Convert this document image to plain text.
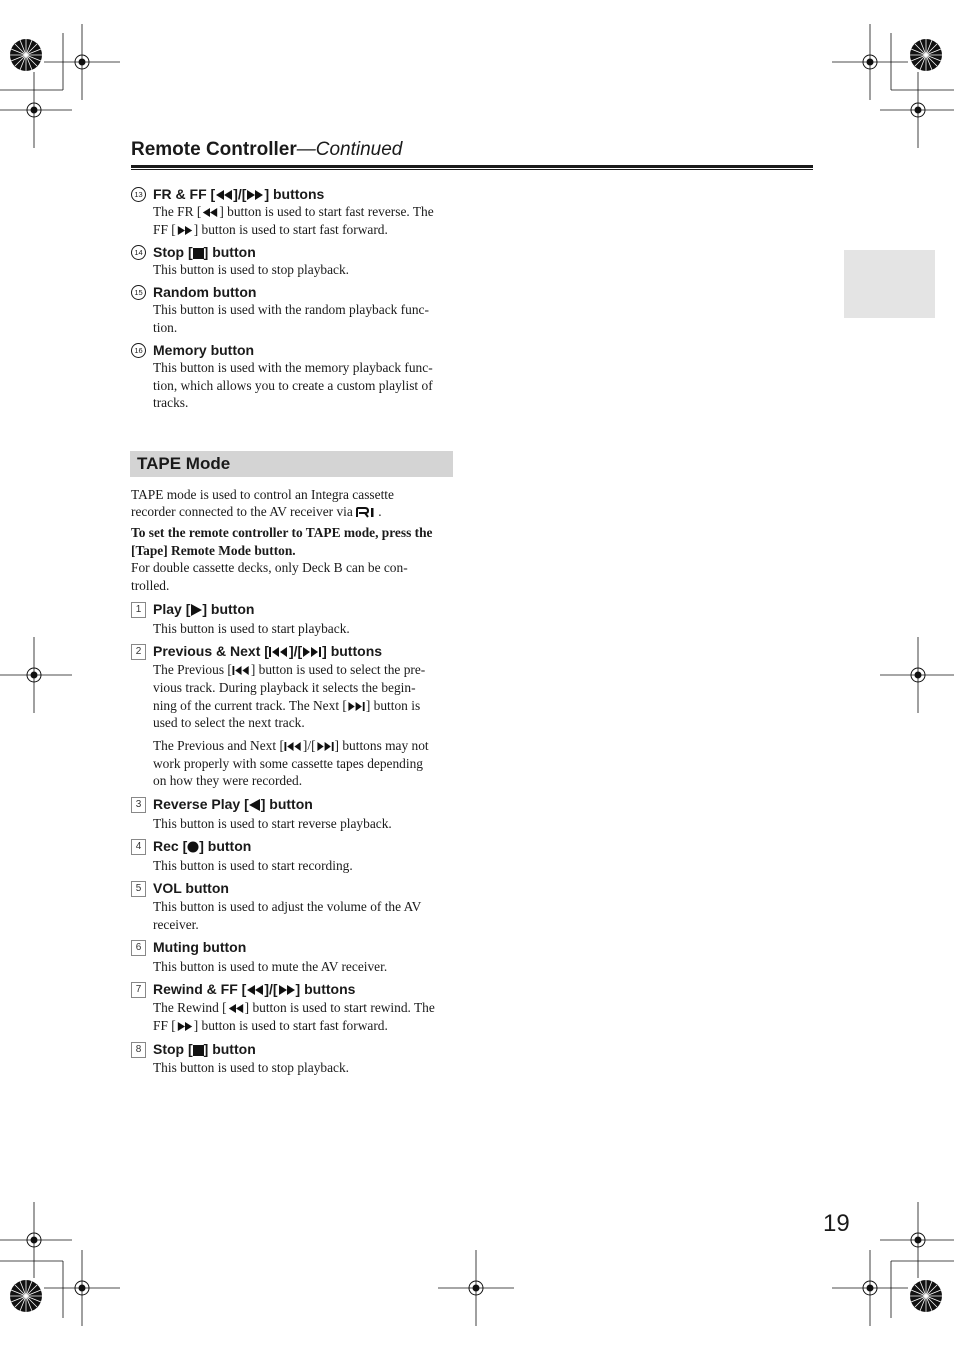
Remote Controller—Continued
13 FR & FF [ ]/[ ] buttons
The FR [ ] button is used to start fast reverse. The
FF [ ] button is used to start fast forward.
14 Stop [ ] button
This button is used to stop playback.
15 Random button
This button is used with the random playback func-
tion.
16 Memory button
This button is used with the memory playback func-
tion, which allows you to create a custom playlist of
tracks.
TAPE Mode
TAPE mode is used to control an Integra cassette
recorder connected to the AV receiver via .
To set the remote controller to TAPE mode, press the
[Tape] Remote Mode button.
For double cassette decks, only Deck B can be con-
trolled.
1 Play [ ] button
This button is used to start playback.
2 Previous & Next [ ]/[ ] buttons
The Previous [ ] button is used to select the pre-
vious track. During playback it selects the begin-
ning of the current track. The Next [ ] button is
used to select the next track.
The Previous and Next [ ]/[ ] buttons may not
work properly with some cassette tapes depending
on how they were recorded.
3 Reverse Play [ ] button
This button is used to start reverse playback.
4 Rec [ ] button
This button is used to start recording.
5 VOL button
This button is used to adjust the volume of the AV
receiver.
6 Muting button
This button is used to mute the AV receiver.
7 Rewind & FF [ ]/[ ] buttons
The Rewind [ ] button is used to start rewind. The
FF [ ] button is used to start fast forward.
8 Stop [ ] button
This button is used to stop playback.
19
